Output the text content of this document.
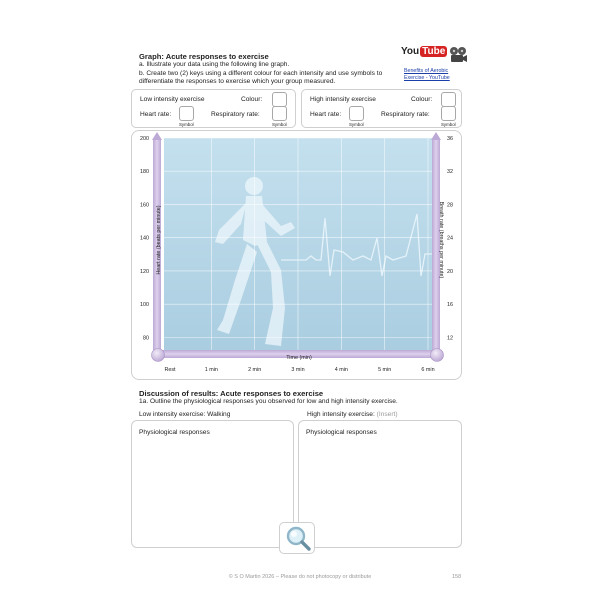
Graph: Acute responses to exercise
a. Illustrate your data using the following line graph.
b. Create two (2) keys using a different colour for each intensity and use symbols to differentiate the responses to exercise which your group measured.
You Tube
Benefits of Aerobic Exercise - YouTube
Low intensity exercise	Colour:
Heart rate:
Symbol
Respiratory rate:
Symbol
High intensity exercise	Colour:
Heart rate:
Symbol
Respiratory rate:
Symbol
80
100
120
140
160
180
200
12
16
20
24
28
32
36
Rest	1 min	2 min	3 min	4 min	5 min	6 min
Time (min)
Heart rate (beats per minute)	Breath rate (breaths per minute)
Discussion of results: Acute responses to exercise
1a. Outline the physiological responses you observed for low and high intensity exercise.
Low intensity exercise: Walking	High intensity exercise: (Insert)
Physiological responses	Physiological responses
© S O Martin 2026 – Please do not photocopy or distribute	158
